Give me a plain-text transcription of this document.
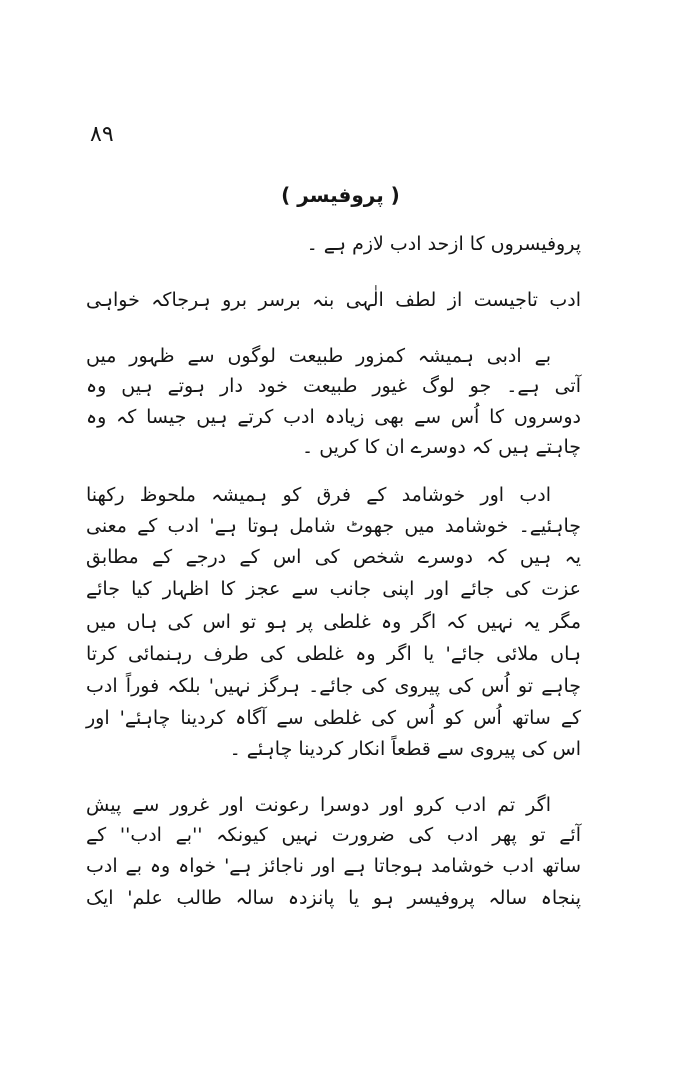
۸۹
( پروفیسر )
پروفیسروں کا ازحد ادب لازم ہے ۔
ادب تاجیست از لطف الٰہی بنہ برسر برو ہرجاکہ خواہی
بے ادبی ہمیشہ کمزور طبیعت لوگوں سے ظہور میں
آتی ہے۔ جو لوگ غیور طبیعت خود دار ہوتے ہیں وہ
دوسروں کا اُس سے بھی زیادہ ادب کرتے ہیں جیسا کہ وہ
چاہتے ہیں کہ دوسرے ان کا کریں ۔
ادب اور خوشامد کے فرق کو ہمیشہ ملحوظ رکھنا
چاہئیے۔ خوشامد میں جھوٹ شامل ہوتا ہے' ادب کے معنی
یہ ہیں کہ دوسرے شخص کی اس کے درجے کے مطابق
عزت کی جائے اور اپنی جانب سے عجز کا اظہار کیا جائے
مگر یہ نہیں کہ اگر وہ غلطی پر ہو تو اس کی ہاں میں
ہاں ملائی جائے' یا اگر وہ غلطی کی طرف رہنمائی کرتا
چاہے تو اُس کی پیروی کی جائے۔ ہرگز نہیں' بلکہ فوراً ادب
کے ساتھ اُس کو اُس کی غلطی سے آگاہ کردینا چاہئے' اور
اس کی پیروی سے قطعاً انکار کردینا چاہئے ۔
اگر تم ادب کرو اور دوسرا رعونت اور غرور سے پیش
آئے تو پھر ادب کی ضرورت نہیں کیونکہ ''بے ادب'' کے
ساتھ ادب خوشامد ہوجاتا ہے اور ناجائز ہے' خواہ وہ بے ادب
پنجاہ سالہ پروفیسر ہو یا پانزدہ سالہ طالب علم' ایک
